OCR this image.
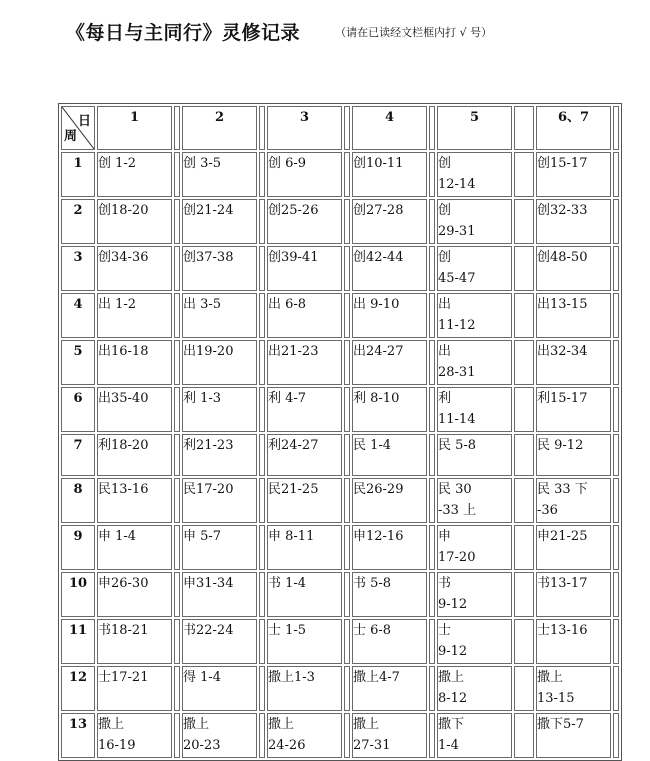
《每日与主同行》灵修记录	（请在已读经文栏框内打 √ 号）
日
周	1		2		3		4		5		6、7	
1	创 1-2		创 3-5		创 6-9		创10-11		创
12-14		创15-17	

2	创18-20		创21-24		创25-26		创27-28		创
29-31		创32-33	

3	创34-36		创37-38		创39-41		创42-44		创
45-47		创48-50	

4	出 1-2		出 3-5		出 6-8		出 9-10		出
11-12		出13-15	

5	出16-18		出19-20		出21-23		出24-27		出
28-31		出32-34	

6	出35-40		利 1-3		利 4-7		利 8-10		利
11-14		利15-17	

7	利18-20		利21-23		利24-27		民 1-4		民 5-8		民 9-12	

8	民13-16		民17-20		民21-25		民26-29		民 30
-33 上		民 33 下
-36	

9	申 1-4		申 5-7		申 8-11		申12-16		申
17-20		申21-25	

10	申26-30		申31-34		书 1-4		书 5-8		书
9-12		书13-17	

11	书18-21		书22-24		士 1-5		士 6-8		士
9-12		士13-16	

12	士17-21		得 1-4		撒上1-3		撒上4-7		撒上
8-12		撒上
13-15	

13	撒上
16-19		撒上
20-23		撒上
24-26		撒上
27-31		撒下
1-4		撒下5-7	
